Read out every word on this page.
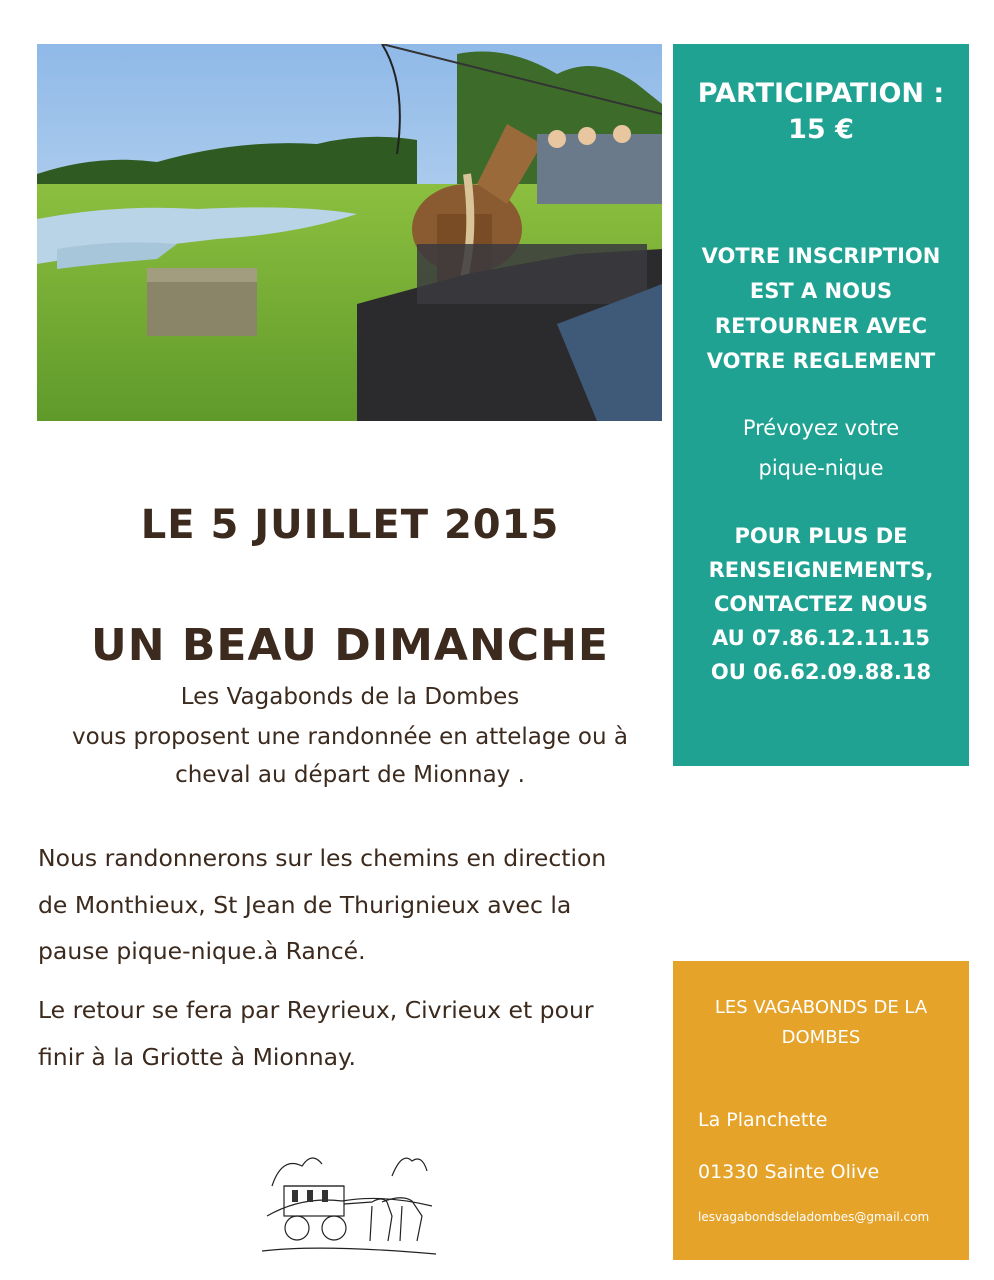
LE 5 JUILLET 2015
UN BEAU DIMANCHE
Les Vagabonds de la Dombes
vous proposent une randonnée en attelage ou à
cheval au départ de Mionnay .
Nous randonnerons sur les chemins en direction
de Monthieux, St Jean de Thurignieux avec la
pause pique-nique.à Rancé.
Le retour se fera par Reyrieux, Civrieux et pour
finir à la Griotte à Mionnay.
PARTICIPATION :
15 €
VOTRE INSCRIPTION
EST A NOUS
RETOURNER AVEC
VOTRE REGLEMENT
Prévoyez votre
pique-nique
POUR PLUS DE
RENSEIGNEMENTS,
CONTACTEZ NOUS
AU 07.86.12.11.15
OU 06.62.09.88.18
LES VAGABONDS DE LA
DOMBES
La Planchette
01330 Sainte Olive
lesvagabondsdeladombes@gmail.com
